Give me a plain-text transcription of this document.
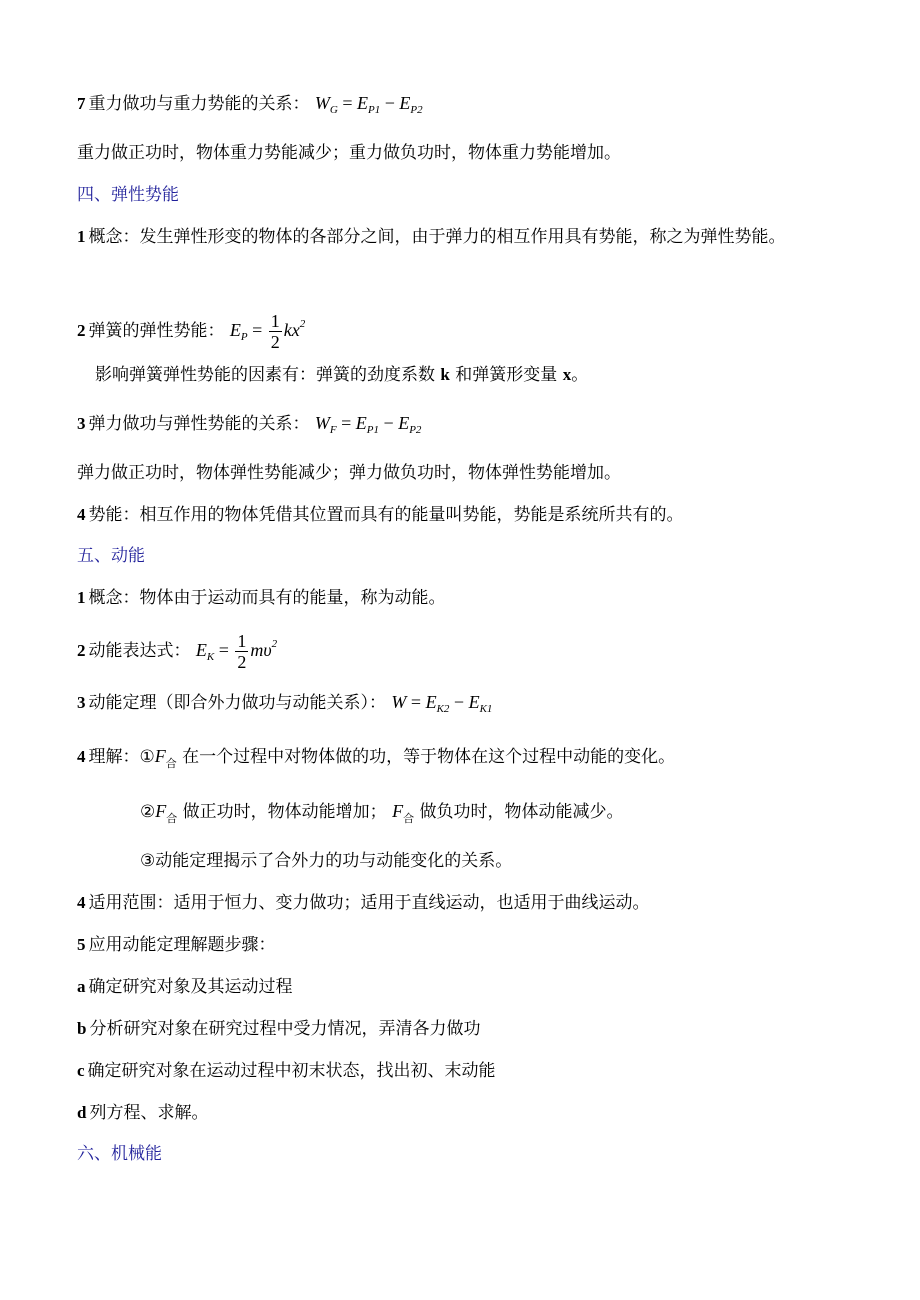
7 重力做功与重力势能的关系： $W_G = E_{P1} - E_{P2}$
重力做正功时，物体重力势能减少；重力做负功时，物体重力势能增加。
四、弹性势能
1 概念：发生弹性形变的物体的各部分之间，由于弹力的相互作用具有势能，称之为弹性势能。
2 弹簧的弹性势能： $E_P = \frac{1}{2} kx^2$
影响弹簧弹性势能的因素有：弹簧的劲度系数 k 和弹簧形变量 x。
3 弹力做功与弹性势能的关系： $W_F = E_{P1} - E_{P2}$
弹力做正功时，物体弹性势能减少；弹力做负功时，物体弹性势能增加。
4 势能：相互作用的物体凭借其位置而具有的能量叫势能，势能是系统所共有的。
五、动能
1 概念：物体由于运动而具有的能量，称为动能。
2 动能表达式： $E_K = \frac{1}{2} m\upsilon^2$
3 动能定理（即合外力做功与动能关系）： $W = E_{K2} - E_{K1}$
4 理解：$①F_合$ 在一个过程中对物体做的功，等于物体在这个过程中动能的变化。
$②F_合$ 做正功时，物体动能增加； $F_合$ 做负功时，物体动能减少。
③动能定理揭示了合外力的功与动能变化的关系。
4 适用范围：适用于恒力、变力做功；适用于直线运动，也适用于曲线运动。
5 应用动能定理解题步骤：
a 确定研究对象及其运动过程
b 分析研究对象在研究过程中受力情况，弄清各力做功
c 确定研究对象在运动过程中初末状态，找出初、末动能
d 列方程、求解。
六、机械能
